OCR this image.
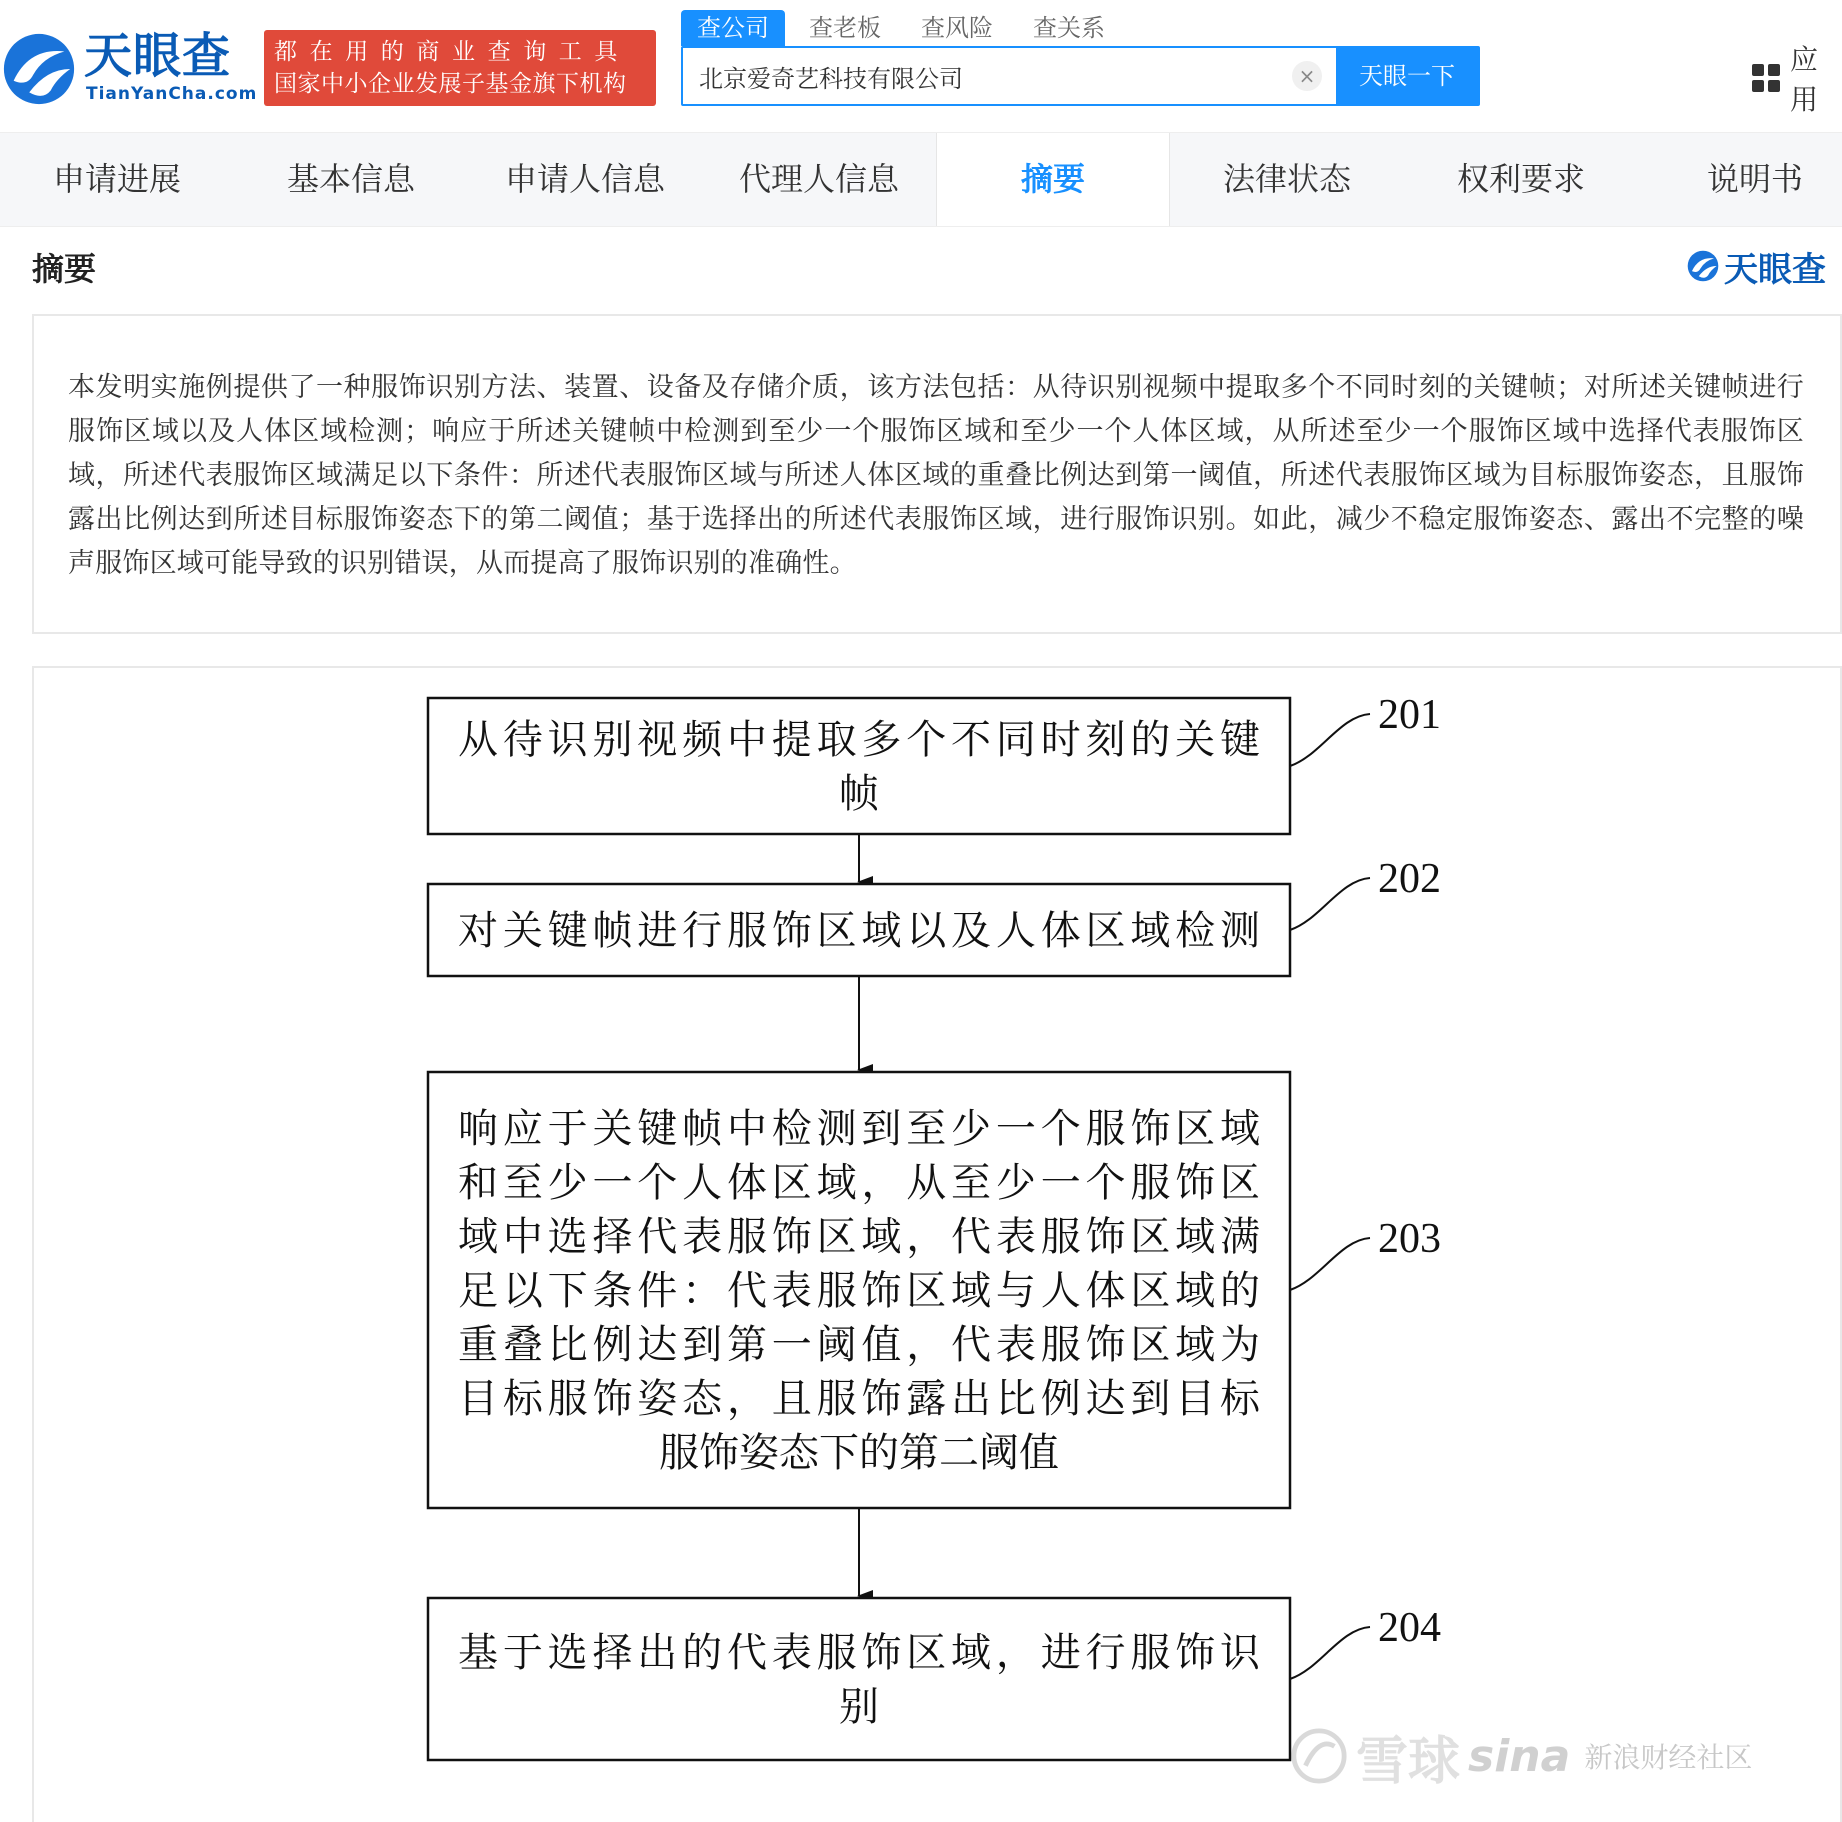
天眼查
TianYanCha.com
都在用的商业查询工具
国家中小企业发展子基金旗下机构
查公司	查老板	查风险	查关系
北京爱奇艺科技有限公司
×	天眼一下	应用
申请进展	基本信息	申请人信息	代理人信息	摘要	法律状态	权利要求	说明书
摘要	天眼查

本发明实施例提供了一种服饰识别方法、装置、设备及存储介质，该方法包括：从待识别视频中提取多个不同时刻的关键帧；对所述关键帧进行服饰区域以及人体区域检测；响应于所述关键帧中检测到至少一个服饰区域和至少一个人体区域，从所述至少一个服饰区域中选择代表服饰区域，所述代表服饰区域满足以下条件：所述代表服饰区域与所述人体区域的重叠比例达到第一阈值，所述代表服饰区域为目标服饰姿态，且服饰露出比例达到所述目标服饰姿态下的第二阈值；基于选择出的所述代表服饰区域，进行服饰识别。如此，减少不稳定服饰姿态、露出不完整的噪声服饰区域可能导致的识别错误，从而提高了服饰识别的准确性。

从待识别视频中提取多个不同时刻的关键
帧
201
对关键帧进行服饰区域以及人体区域检测
202
响应于关键帧中检测到至少一个服饰区域
和至少一个人体区域，从至少一个服饰区
域中选择代表服饰区域，代表服饰区域满
足以下条件：代表服饰区域与人体区域的
重叠比例达到第一阈值，代表服饰区域为
目标服饰姿态，且服饰露出比例达到目标
服饰姿态下的第二阈值
203
基于选择出的代表服饰区域，进行服饰识
别
204
雪球 sina 新浪财经社区
